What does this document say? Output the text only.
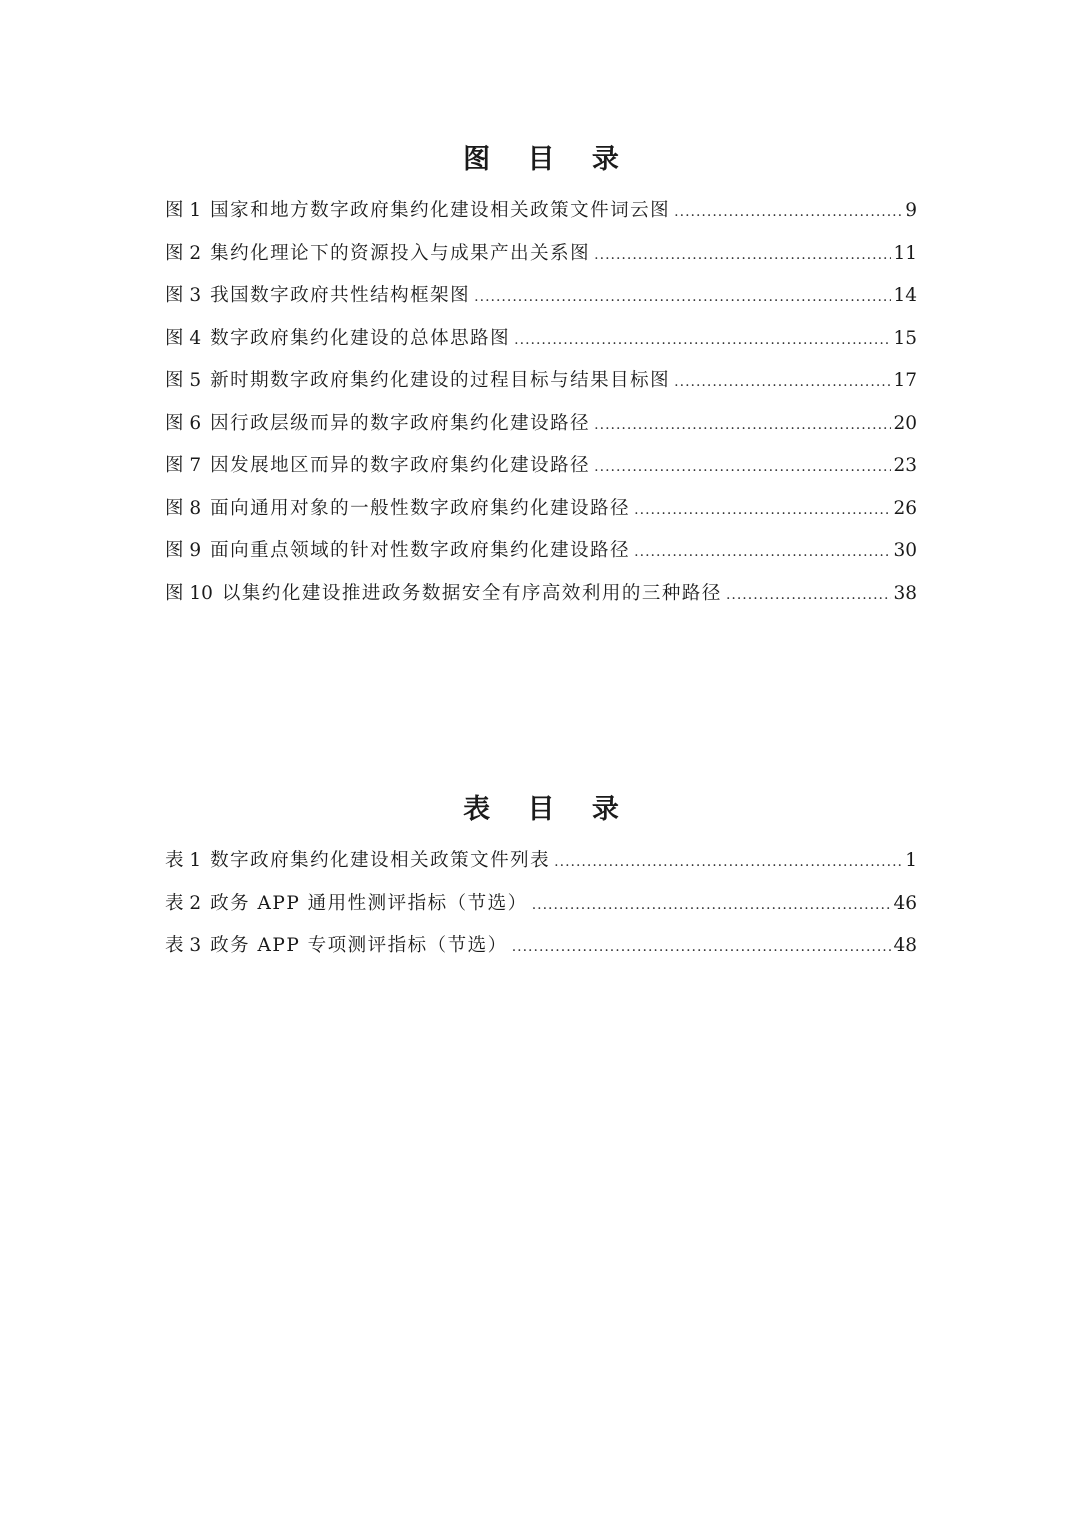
图 目 录
图 1 国家和地方数字政府集约化建设相关政策文件词云图 .....	9
图 2 集约化理论下的资源投入与成果产出关系图 .....	11
图 3 我国数字政府共性结构框架图 .....	14
图 4 数字政府集约化建设的总体思路图 .....	15
图 5 新时期数字政府集约化建设的过程目标与结果目标图 .....	17
图 6 因行政层级而异的数字政府集约化建设路径 .....	20
图 7 因发展地区而异的数字政府集约化建设路径 .....	23
图 8 面向通用对象的一般性数字政府集约化建设路径 .....	26
图 9 面向重点领域的针对性数字政府集约化建设路径 .....	30
图 10 以集约化建设推进政务数据安全有序高效利用的三种路径 .....	38
表 目 录
表 1 数字政府集约化建设相关政策文件列表 .....	1
表 2 政务 APP 通用性测评指标（节选） .....	46
表 3 政务 APP 专项测评指标（节选） .....	48
